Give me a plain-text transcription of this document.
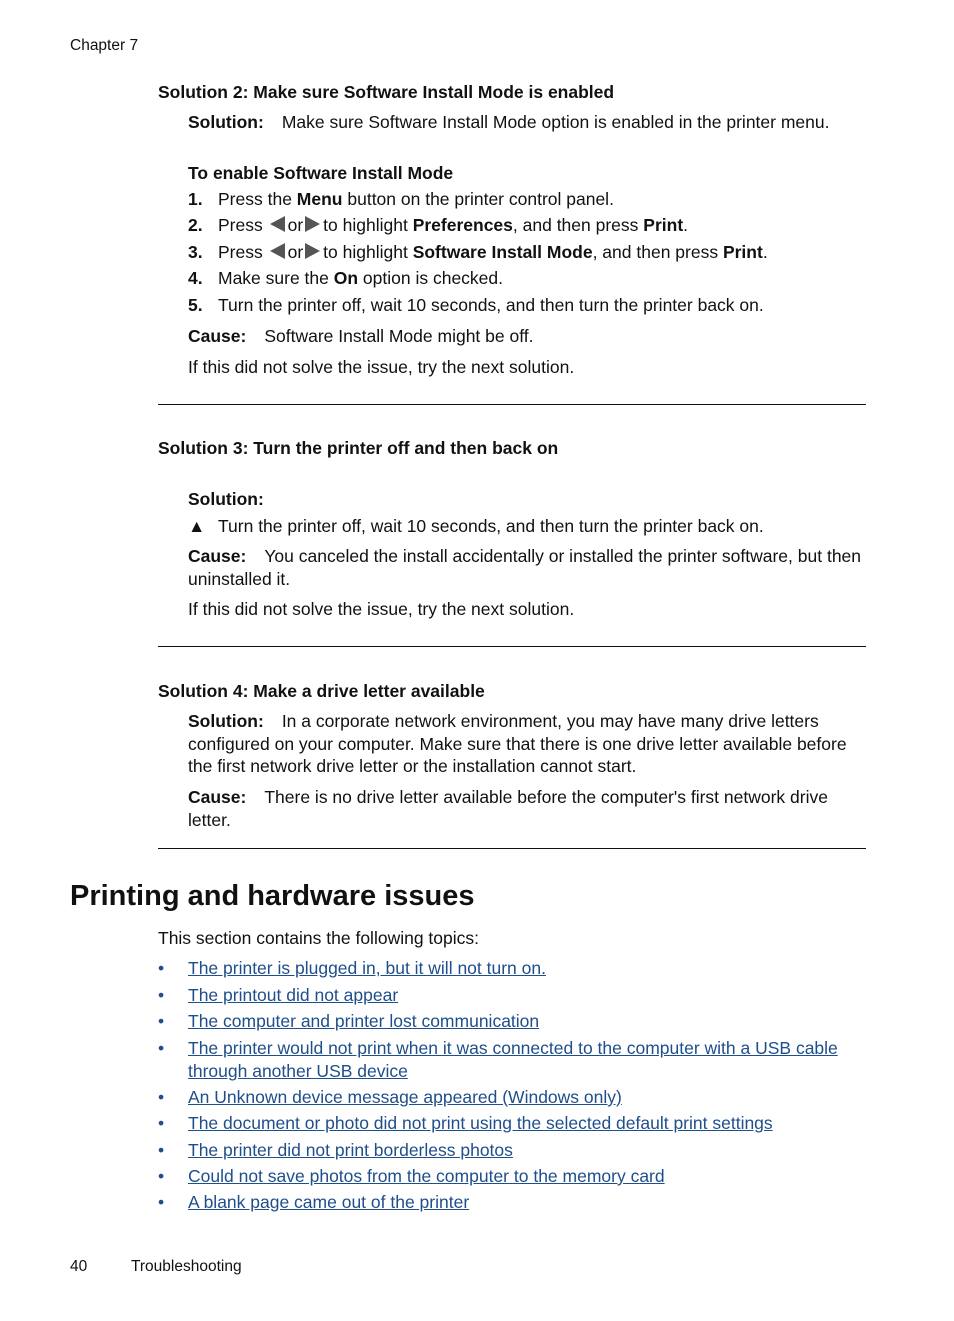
Chapter 7
Solution 2: Make sure Software Install Mode is enabled
Solution: Make sure Software Install Mode option is enabled in the printer menu.
To enable Software Install Mode
1. Press the Menu button on the printer control panel.
2. Press or to highlight Preferences, and then press Print.
3. Press or to highlight Software Install Mode, and then press Print.
4. Make sure the On option is checked.
5. Turn the printer off, wait 10 seconds, and then turn the printer back on.
Cause: Software Install Mode might be off.
If this did not solve the issue, try the next solution.
Solution 3: Turn the printer off and then back on
Solution:
▲ Turn the printer off, wait 10 seconds, and then turn the printer back on.
Cause: You canceled the install accidentally or installed the printer software, but then uninstalled it.
If this did not solve the issue, try the next solution.
Solution 4: Make a drive letter available
Solution: In a corporate network environment, you may have many drive letters configured on your computer. Make sure that there is one drive letter available before the first network drive letter or the installation cannot start.
Cause: There is no drive letter available before the computer's first network drive letter.
Printing and hardware issues
This section contains the following topics:
• The printer is plugged in, but it will not turn on.
• The printout did not appear
• The computer and printer lost communication
• The printer would not print when it was connected to the computer with a USB cable through another USB device
• An Unknown device message appeared (Windows only)
• The document or photo did not print using the selected default print settings
• The printer did not print borderless photos
• Could not save photos from the computer to the memory card
• A blank page came out of the printer
40	Troubleshooting
